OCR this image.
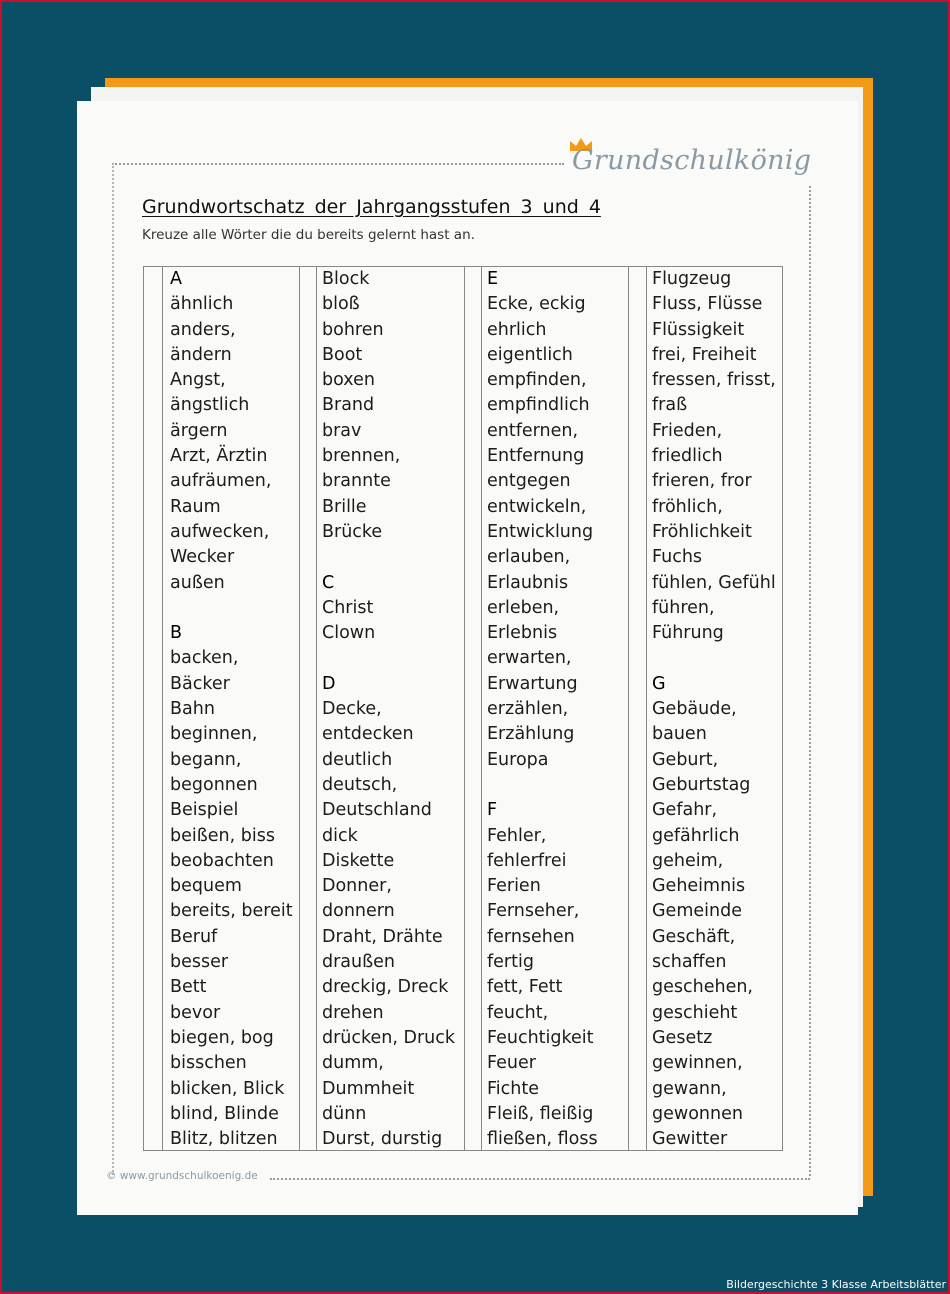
Grundschulkönig
Grundwortschatz der Jahrgangsstufen 3 und 4
Kreuze alle Wörter die du bereits gelernt hast an.
A
ähnlich
anders,
ändern
Angst,
ängstlich
ärgern
Arzt, Ärztin
aufräumen,
Raum
aufwecken,
Wecker
außen
B
backen,
Bäcker
Bahn
beginnen,
begann,
begonnen
Beispiel
beißen, biss
beobachten
bequem
bereits, bereit
Beruf
besser
Bett
bevor
biegen, bog
bisschen
blicken, Blick
blind, Blinde
Blitz, blitzen
Block
bloß
bohren
Boot
boxen
Brand
brav
brennen,
brannte
Brille
Brücke
C
Christ
Clown
D
Decke,
entdecken
deutlich
deutsch,
Deutschland
dick
Diskette
Donner,
donnern
Draht, Drähte
draußen
dreckig, Dreck
drehen
drücken, Druck
dumm,
Dummheit
dünn
Durst, durstig
E
Ecke, eckig
ehrlich
eigentlich
empfinden,
empfindlich
entfernen,
Entfernung
entgegen
entwickeln,
Entwicklung
erlauben,
Erlaubnis
erleben,
Erlebnis
erwarten,
Erwartung
erzählen,
Erzählung
Europa
F
Fehler,
fehlerfrei
Ferien
Fernseher,
fernsehen
fertig
fett, Fett
feucht,
Feuchtigkeit
Feuer
Fichte
Fleiß, fleißig
fließen, floss
Flugzeug
Fluss, Flüsse
Flüssigkeit
frei, Freiheit
fressen, frisst,
fraß
Frieden,
friedlich
frieren, fror
fröhlich,
Fröhlichkeit
Fuchs
fühlen, Gefühl
führen,
Führung
G
Gebäude,
bauen
Geburt,
Geburtstag
Gefahr,
gefährlich
geheim,
Geheimnis
Gemeinde
Geschäft,
schaffen
geschehen,
geschieht
Gesetz
gewinnen,
gewann,
gewonnen
Gewitter
© www.grundschulkoenig.de
Bildergeschichte 3 Klasse Arbeitsblätter
